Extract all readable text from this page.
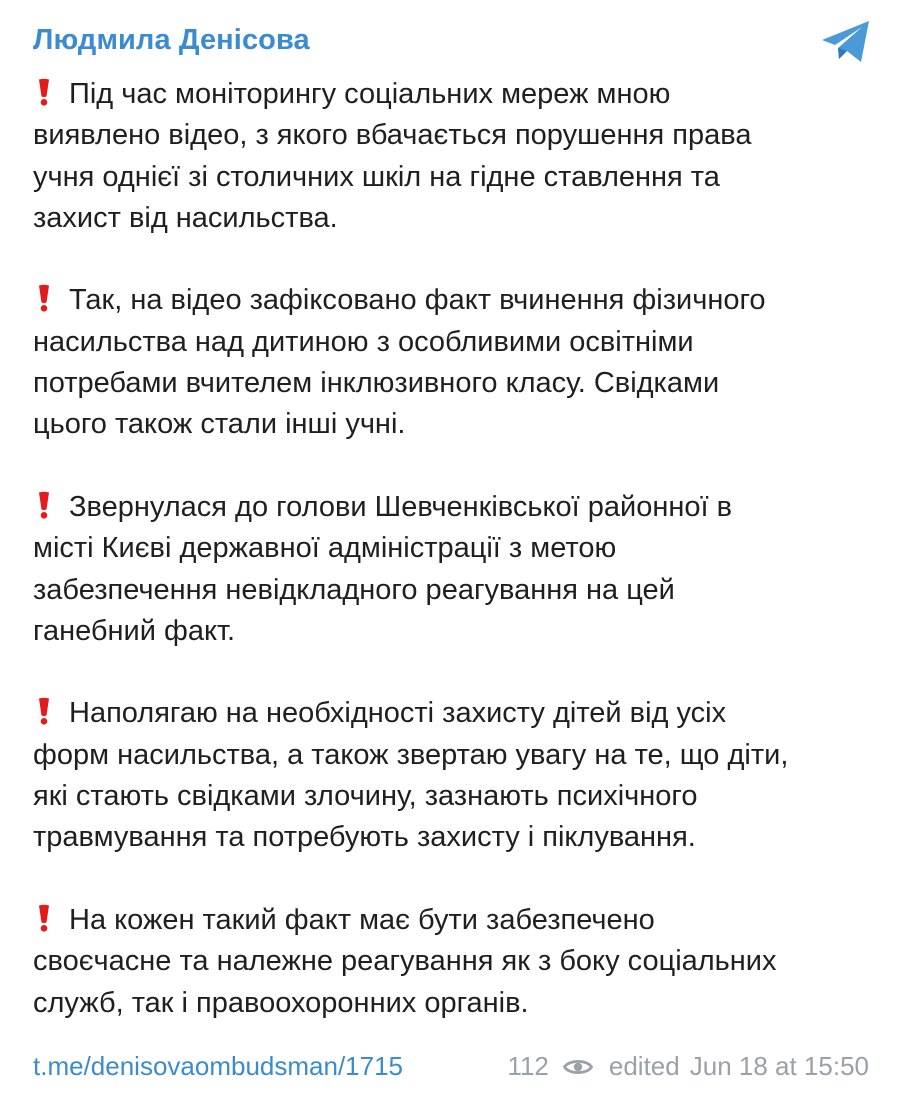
Людмила Денісова
Під час моніторингу соціальних мереж мною
виявлено відео, з якого вбачається порушення права
учня однієї зі столичних шкіл на гідне ставлення та
захист від насильства.
Так, на відео зафіксовано факт вчинення фізичного
насильства над дитиною з особливими освітніми
потребами вчителем інклюзивного класу. Свідками
цього також стали інші учні.
Звернулася до голови Шевченківської районної в
місті Києві державної адміністрації з метою
забезпечення невідкладного реагування на цей
ганебний факт.
Наполягаю на необхідності захисту дітей від усіх
форм насильства, а також звертаю увагу на те, що діти,
які стають свідками злочину, зазнають психічного
травмування та потребують захисту і піклування.
На кожен такий факт має бути забезпечено
своєчасне та належне реагування як з боку соціальних
служб, так і правоохоронних органів.
t.me/denisovaombudsman/1715	112 edited Jun 18 at 15:50
